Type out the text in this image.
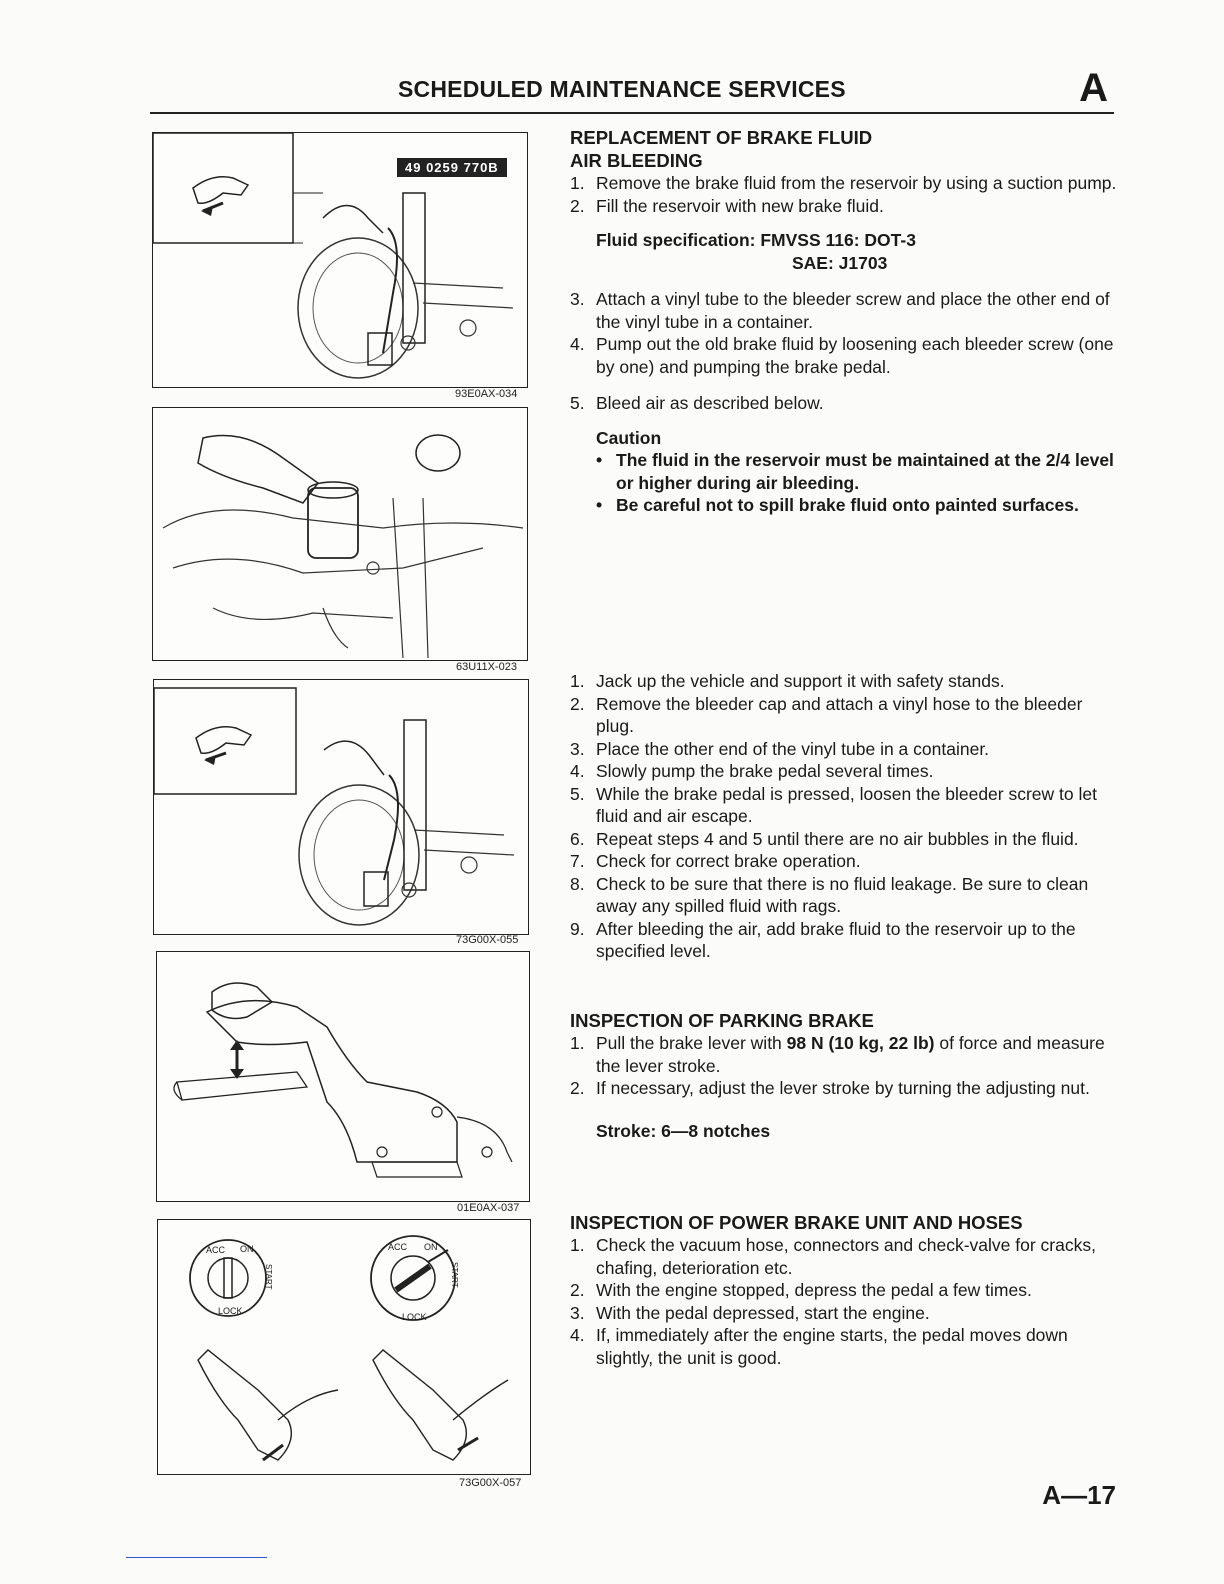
SCHEDULED MAINTENANCE SERVICES	A
49 0259 770B
93E0AX-034
63U11X-023
73G00X-055
01E0AX-037
ACC ON
START
LOCK
ACC ON
START
LOCK
73G00X-057
REPLACEMENT OF BRAKE FLUID
AIR BLEEDING
1. Remove the brake fluid from the reservoir by using a suction pump.
2. Fill the reservoir with new brake fluid.
Fluid specification: FMVSS 116: DOT-3
SAE: J1703
3. Attach a vinyl tube to the bleeder screw and place the other end of the vinyl tube in a container.
4. Pump out the old brake fluid by loosening each bleeder screw (one by one) and pumping the brake pedal.
5. Bleed air as described below.
Caution
• The fluid in the reservoir must be maintained at the 2/4 level or higher during air bleeding.
• Be careful not to spill brake fluid onto painted surfaces.
1. Jack up the vehicle and support it with safety stands.
2. Remove the bleeder cap and attach a vinyl hose to the bleeder plug.
3. Place the other end of the vinyl tube in a container.
4. Slowly pump the brake pedal several times.
5. While the brake pedal is pressed, loosen the bleeder screw to let fluid and air escape.
6. Repeat steps 4 and 5 until there are no air bubbles in the fluid.
7. Check for correct brake operation.
8. Check to be sure that there is no fluid leakage. Be sure to clean away any spilled fluid with rags.
9. After bleeding the air, add brake fluid to the reservoir up to the specified level.
INSPECTION OF PARKING BRAKE
1. Pull the brake lever with 98 N (10 kg, 22 lb) of force and measure the lever stroke.
2. If necessary, adjust the lever stroke by turning the adjusting nut.
Stroke: 6—8 notches
INSPECTION OF POWER BRAKE UNIT AND HOSES
1. Check the vacuum hose, connectors and check-valve for cracks, chafing, deterioration etc.
2. With the engine stopped, depress the pedal a few times.
3. With the pedal depressed, start the engine.
4. If, immediately after the engine starts, the pedal moves down slightly, the unit is good.
A—17
